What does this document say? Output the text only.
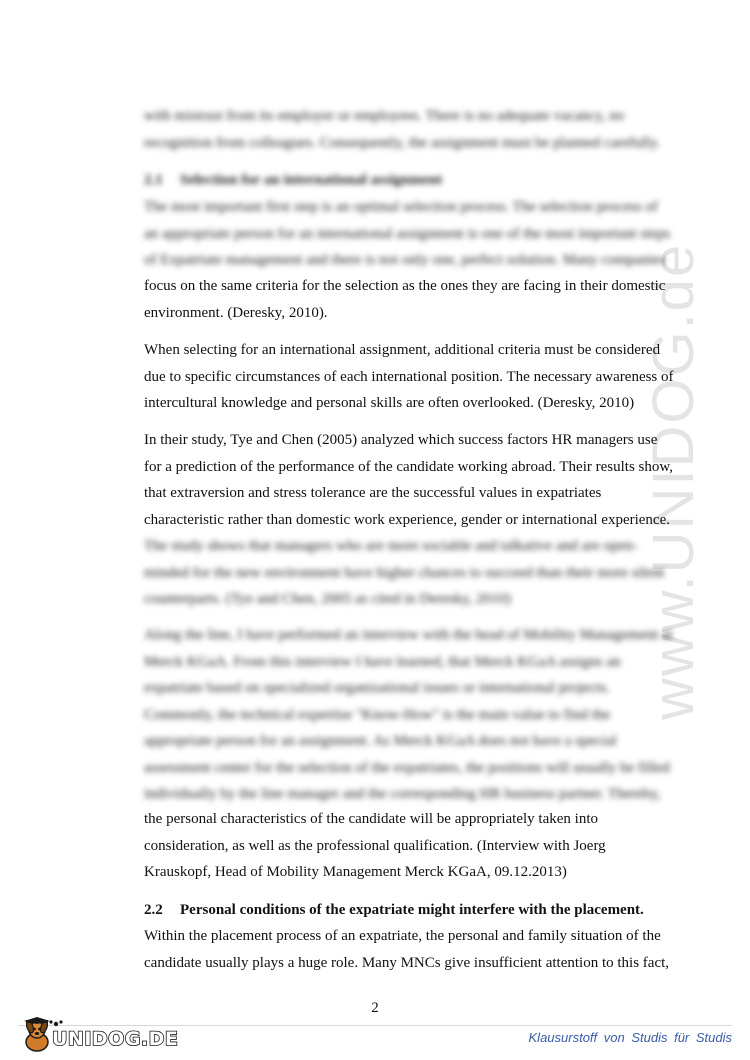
www.UNIDOG.de
with mistrust from its employer or employees. There is no adequate vacancy, no
recognition from colleagues. Consequently, the assignment must be planned carefully.
2.1 Selection for an international assignment
The most important first step is an optimal selection process. The selection process of
an appropriate person for an international assignment is one of the most important steps
of Expatriate management and there is not only one, perfect solution. Many companies
focus on the same criteria for the selection as the ones they are facing in their domestic
environment. (Deresky, 2010).
When selecting for an international assignment, additional criteria must be considered
due to specific circumstances of each international position. The necessary awareness of
intercultural knowledge and personal skills are often overlooked. (Deresky, 2010)
In their study, Tye and Chen (2005) analyzed which success factors HR managers use
for a prediction of the performance of the candidate working abroad. Their results show,
that extraversion and stress tolerance are the successful values in expatriates
characteristic rather than domestic work experience, gender or international experience.
The study shows that managers who are more sociable and talkative and are open-
minded for the new environment have higher chances to succeed than their more silent
counterparts. (Tye and Chen, 2005 as cited in Deresky, 2010)
Along the line, I have performed an interview with the head of Mobility Management at
Merck KGaA. From this interview I have learned, that Merck KGaA assigns an
expatriate based on specialized organizational issues or international projects.
Commonly, the technical expertise "Know-How" is the main value to find the
appropriate person for an assignment. As Merck KGaA does not have a special
assessment center for the selection of the expatriates, the positions will usually be filled
individually by the line manager and the corresponding HR business partner. Thereby,
the personal characteristics of the candidate will be appropriately taken into
consideration, as well as the professional qualification. (Interview with Joerg
Krauskopf, Head of Mobility Management Merck KGaA, 09.12.2013)
2.2 Personal conditions of the expatriate might interfere with the placement.
Within the placement process of an expatriate, the personal and family situation of the
candidate usually plays a huge role. Many MNCs give insufficient attention to this fact,
2
UNIDOG.DE	Klausurstoff von Studis für Studis
